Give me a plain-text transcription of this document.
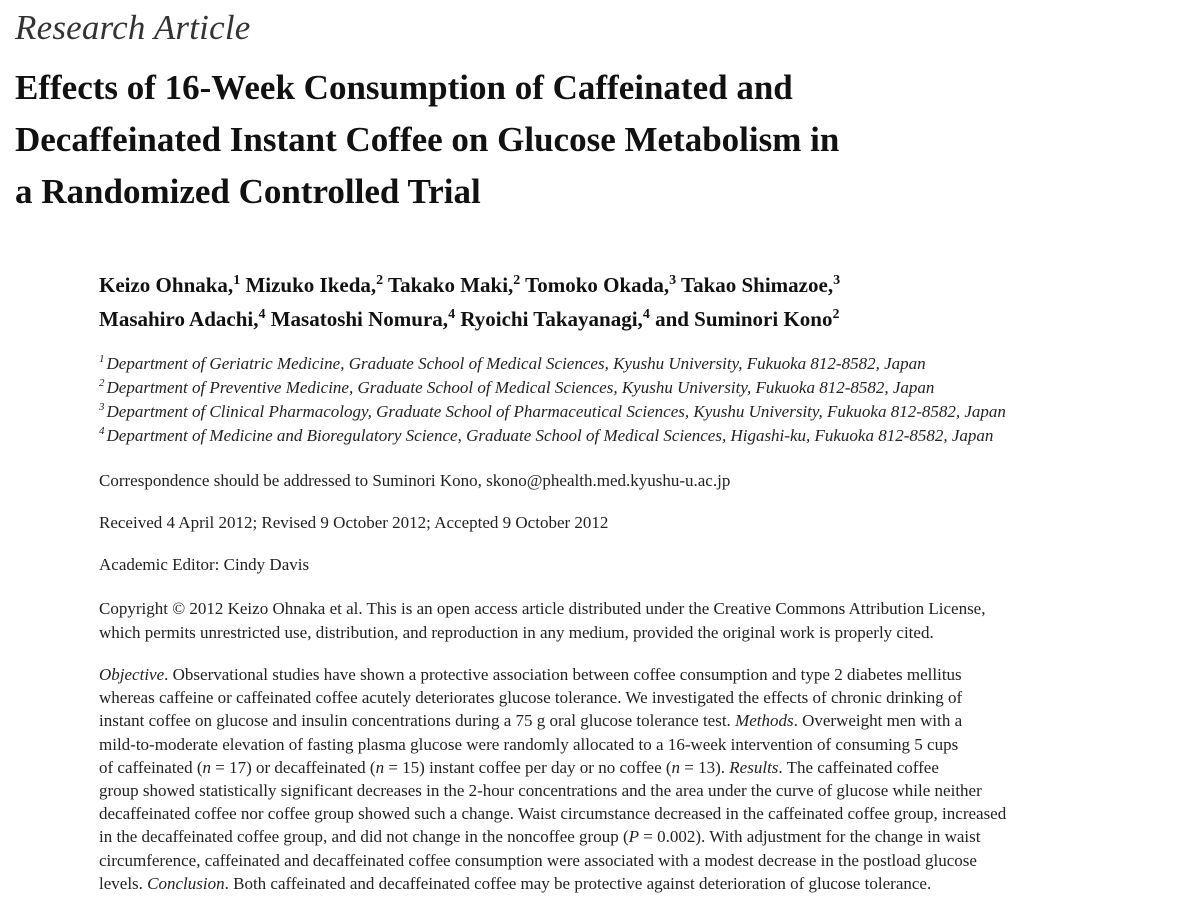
Research Article
Effects of 16-Week Consumption of Caffeinated and
Decaffeinated Instant Coffee on Glucose Metabolism in
a Randomized Controlled Trial
Keizo Ohnaka,$^1$ Mizuko Ikeda,$^2$ Takako Maki,$^2$ Tomoko Okada,$^3$ Takao Shimazoe,$^3$
Masahiro Adachi,$^4$ Masatoshi Nomura,$^4$ Ryoichi Takayanagi,$^4$ and Suminori Kono$^2$
$^1$ Department of Geriatric Medicine, Graduate School of Medical Sciences, Kyushu University, Fukuoka 812-8582, Japan
$^2$ Department of Preventive Medicine, Graduate School of Medical Sciences, Kyushu University, Fukuoka 812-8582, Japan
$^3$ Department of Clinical Pharmacology, Graduate School of Pharmaceutical Sciences, Kyushu University, Fukuoka 812-8582, Japan
$^4$ Department of Medicine and Bioregulatory Science, Graduate School of Medical Sciences, Higashi-ku, Fukuoka 812-8582, Japan
Correspondence should be addressed to Suminori Kono, skono@phealth.med.kyushu-u.ac.jp
Received 4 April 2012; Revised 9 October 2012; Accepted 9 October 2012
Academic Editor: Cindy Davis
Copyright © 2012 Keizo Ohnaka et al. This is an open access article distributed under the Creative Commons Attribution License,
which permits unrestricted use, distribution, and reproduction in any medium, provided the original work is properly cited.
Objective. Observational studies have shown a protective association between coffee consumption and type 2 diabetes mellitus
whereas caffeine or caffeinated coffee acutely deteriorates glucose tolerance. We investigated the effects of chronic drinking of
instant coffee on glucose and insulin concentrations during a 75 g oral glucose tolerance test. Methods. Overweight men with a
mild-to-moderate elevation of fasting plasma glucose were randomly allocated to a 16-week intervention of consuming 5 cups
of caffeinated (n = 17) or decaffeinated (n = 15) instant coffee per day or no coffee (n = 13). Results. The caffeinated coffee
group showed statistically significant decreases in the 2-hour concentrations and the area under the curve of glucose while neither
decaffeinated coffee nor coffee group showed such a change. Waist circumstance decreased in the caffeinated coffee group, increased
in the decaffeinated coffee group, and did not change in the noncoffee group (P = 0.002). With adjustment for the change in waist
circumference, caffeinated and decaffeinated coffee consumption were associated with a modest decrease in the postload glucose
levels. Conclusion. Both caffeinated and decaffeinated coffee may be protective against deterioration of glucose tolerance.
